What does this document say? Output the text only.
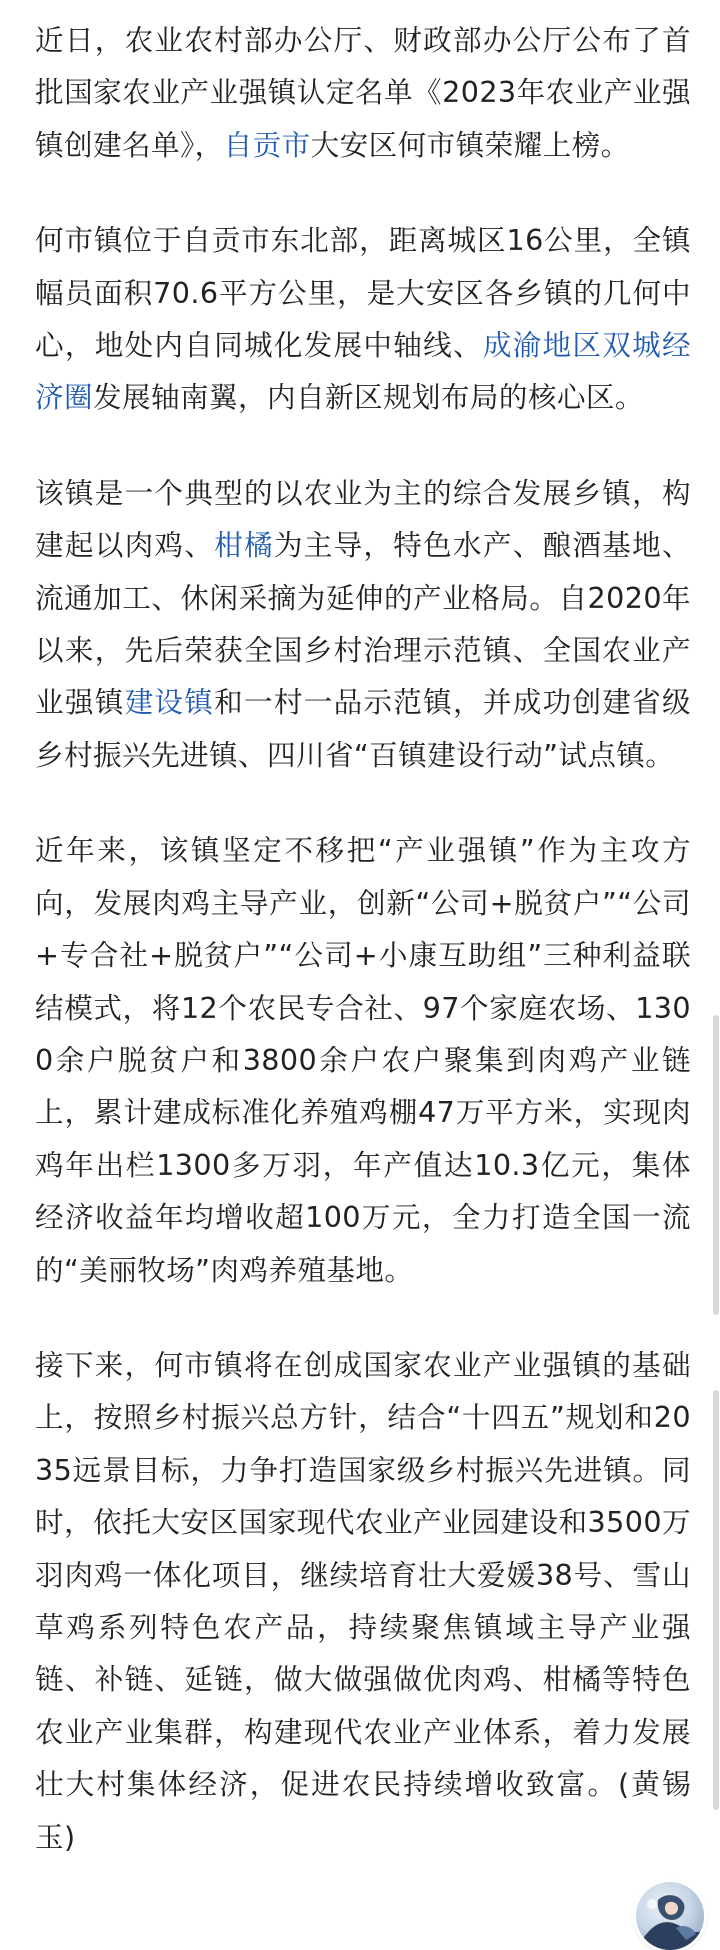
近日，农业农村部办公厅、财政部办公厅公布了首批国家农业产业强镇认定名单《2023年农业产业强镇创建名单》，自贡市大安区何市镇荣耀上榜。

何市镇位于自贡市东北部，距离城区16公里，全镇幅员面积70.6平方公里，是大安区各乡镇的几何中心，地处内自同城化发展中轴线、成渝地区双城经济圈发展轴南翼，内自新区规划布局的核心区。

该镇是一个典型的以农业为主的综合发展乡镇，构建起以肉鸡、柑橘为主导，特色水产、酿酒基地、流通加工、休闲采摘为延伸的产业格局。自2020年以来，先后荣获全国乡村治理示范镇、全国农业产业强镇建设镇和一村一品示范镇，并成功创建省级乡村振兴先进镇、四川省“百镇建设行动”试点镇。

近年来，该镇坚定不移把“产业强镇”作为主攻方向，发展肉鸡主导产业，创新“公司+脱贫户”“公司+专合社+脱贫户”“公司+小康互助组”三种利益联结模式，将12个农民专合社、97个家庭农场、1300余户脱贫户和3800余户农户聚集到肉鸡产业链上，累计建成标准化养殖鸡棚47万平方米，实现肉鸡年出栏1300多万羽，年产值达10.3亿元，集体经济收益年均增收超100万元，全力打造全国一流的“美丽牧场”肉鸡养殖基地。

接下来，何市镇将在创成国家农业产业强镇的基础上，按照乡村振兴总方针，结合“十四五”规划和2035远景目标，力争打造国家级乡村振兴先进镇。同时，依托大安区国家现代农业产业园建设和3500万羽肉鸡一体化项目，继续培育壮大爱媛38号、雪山草鸡系列特色农产品，持续聚焦镇域主导产业强链、补链、延链，做大做强做优肉鸡、柑橘等特色农业产业集群，构建现代农业产业体系，着力发展壮大村集体经济，促进农民持续增收致富。(黄锡玉)
